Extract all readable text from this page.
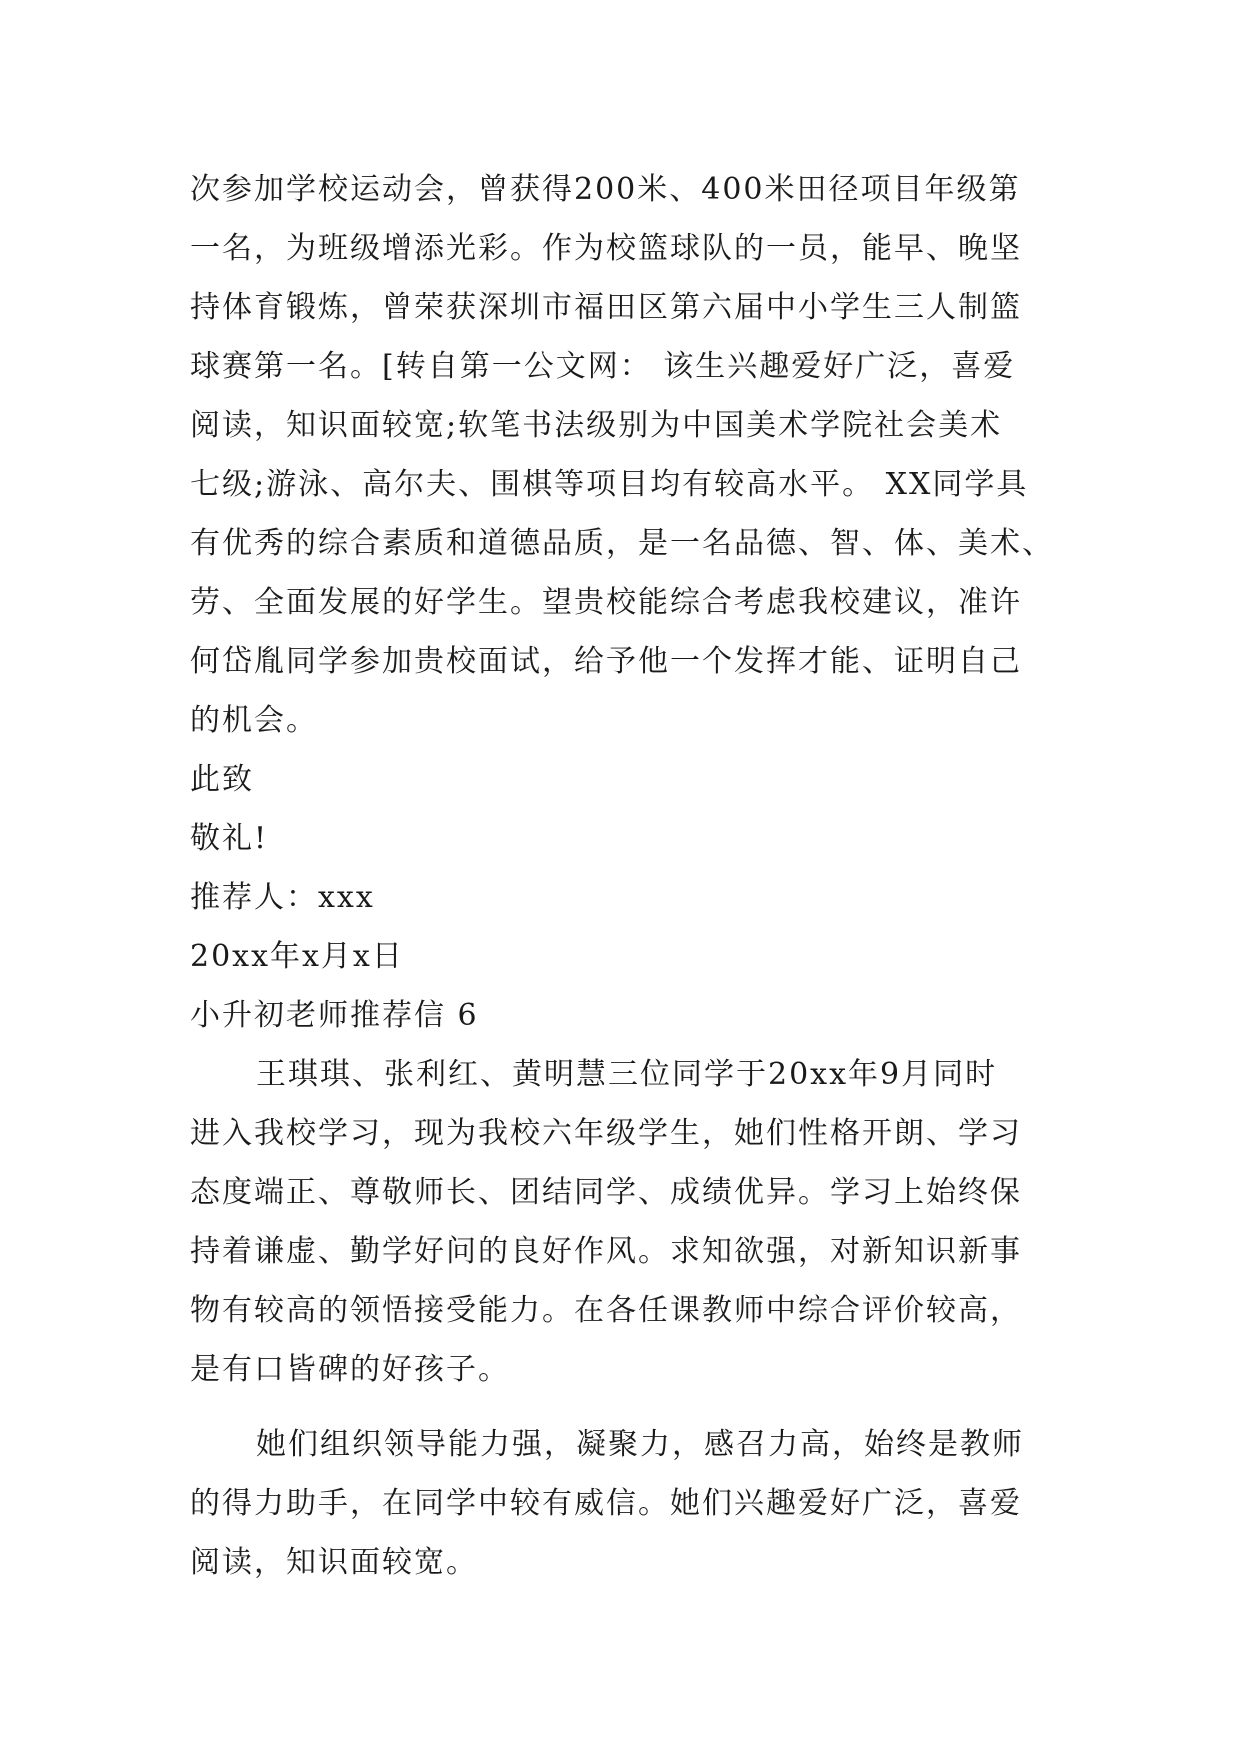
次参加学校运动会，曾获得200米、400米田径项目年级第
一名，为班级增添光彩。作为校篮球队的一员，能早、晚坚
持体育锻炼，曾荣获深圳市福田区第六届中小学生三人制篮
球赛第一名。[转自第一公文网： 该生兴趣爱好广泛，喜爱
阅读，知识面较宽;软笔书法级别为中国美术学院社会美术
七级;游泳、高尔夫、围棋等项目均有较高水平。 XX同学具
有优秀的综合素质和道德品质，是一名品德、智、体、美术、
劳、全面发展的好学生。望贵校能综合考虑我校建议，准许
何岱胤同学参加贵校面试，给予他一个发挥才能、证明自己
的机会。
此致
敬礼!
推荐人：xxx
20xx年x月x日
小升初老师推荐信 6
王琪琪、张利红、黄明慧三位同学于20xx年9月同时
进入我校学习，现为我校六年级学生，她们性格开朗、学习
态度端正、尊敬师长、团结同学、成绩优异。学习上始终保
持着谦虚、勤学好问的良好作风。求知欲强，对新知识新事
物有较高的领悟接受能力。在各任课教师中综合评价较高，
是有口皆碑的好孩子。
她们组织领导能力强，凝聚力，感召力高，始终是教师
的得力助手，在同学中较有威信。她们兴趣爱好广泛，喜爱
阅读，知识面较宽。
